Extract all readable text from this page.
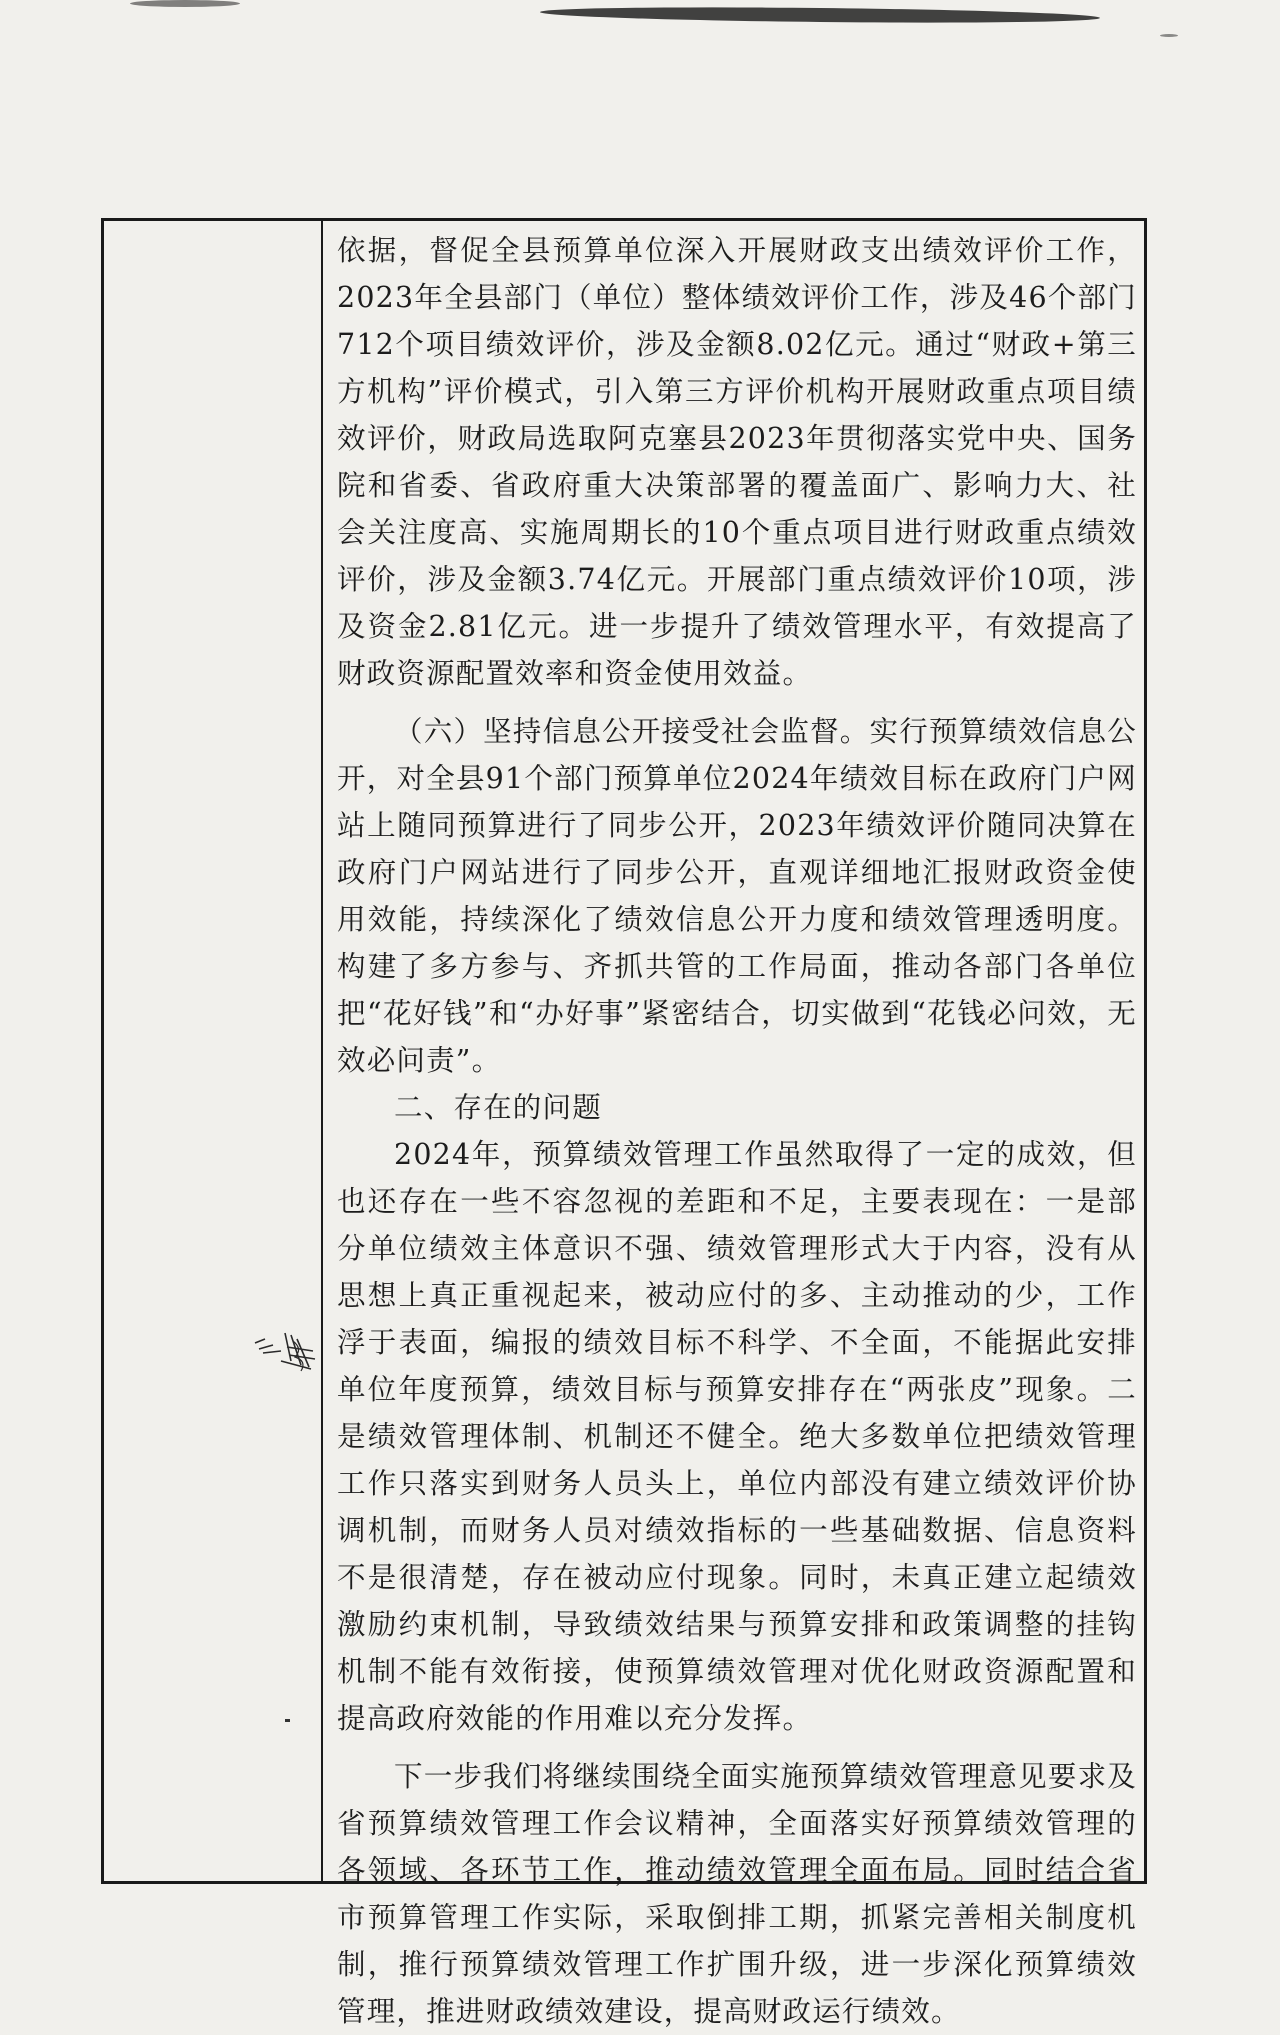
依据，督促全县预算单位深入开展财政支出绩效评价工作，2023年全县部门（单位）整体绩效评价工作，涉及46个部门712个项目绩效评价，涉及金额8.02亿元。通过“财政+第三方机构”评价模式，引入第三方评价机构开展财政重点项目绩效评价，财政局选取阿克塞县2023年贯彻落实党中央、国务院和省委、省政府重大决策部署的覆盖面广、影响力大、社会关注度高、实施周期长的10个重点项目进行财政重点绩效评价，涉及金额3.74亿元。开展部门重点绩效评价10项，涉及资金2.81亿元。进一步提升了绩效管理水平，有效提高了财政资源配置效率和资金使用效益。

（六）坚持信息公开接受社会监督。实行预算绩效信息公开，对全县91个部门预算单位2024年绩效目标在政府门户网站上随同预算进行了同步公开，2023年绩效评价随同决算在政府门户网站进行了同步公开，直观详细地汇报财政资金使用效能，持续深化了绩效信息公开力度和绩效管理透明度。构建了多方参与、齐抓共管的工作局面，推动各部门各单位把“花好钱”和“办好事”紧密结合，切实做到“花钱必问效，无效必问责”。

二、存在的问题

2024年，预算绩效管理工作虽然取得了一定的成效，但也还存在一些不容忽视的差距和不足，主要表现在：一是部分单位绩效主体意识不强、绩效管理形式大于内容，没有从思想上真正重视起来，被动应付的多、主动推动的少，工作浮于表面，编报的绩效目标不科学、不全面，不能据此安排单位年度预算，绩效目标与预算安排存在“两张皮”现象。二是绩效管理体制、机制还不健全。绝大多数单位把绩效管理工作只落实到财务人员头上，单位内部没有建立绩效评价协调机制，而财务人员对绩效指标的一些基础数据、信息资料不是很清楚，存在被动应付现象。同时，未真正建立起绩效激励约束机制，导致绩效结果与预算安排和政策调整的挂钩机制不能有效衔接，使预算绩效管理对优化财政资源配置和提高政府效能的作用难以充分发挥。

下一步我们将继续围绕全面实施预算绩效管理意见要求及省预算绩效管理工作会议精神，全面落实好预算绩效管理的各领域、各环节工作，推动绩效管理全面布局。同时结合省市预算管理工作实际，采取倒排工期，抓紧完善相关制度机制，推行预算绩效管理工作扩围升级，进一步深化预算绩效管理，推进财政绩效建设，提高财政运行绩效。
